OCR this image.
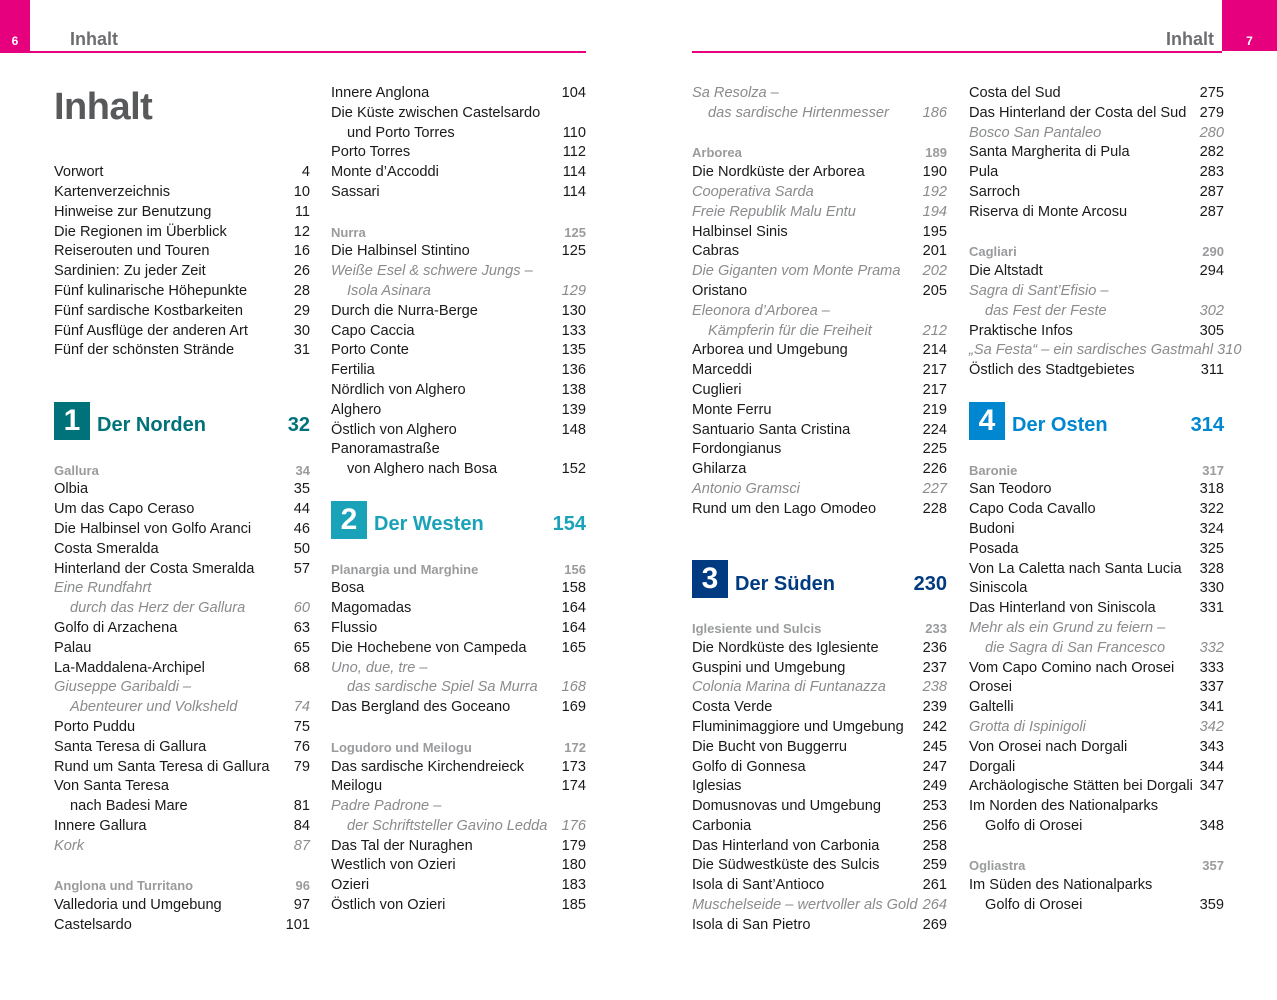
6	Inhalt	Inhalt	7
Inhalt
Vorwort	4
Kartenverzeichnis	10
Hinweise zur Benutzung	11
Die Regionen im Überblick	12
Reiserouten und Touren	16
Sardinien: Zu jeder Zeit	26
Fünf kulinarische Höhepunkte	28
Fünf sardische Kostbarkeiten	29
Fünf Ausflüge der anderen Art	30
Fünf der schönsten Strände	31
1 Der Norden	32
Gallura	34
Olbia	35
Um das Capo Ceraso	44
Die Halbinsel von Golfo Aranci	46
Costa Smeralda	50
Hinterland der Costa Smeralda	57
Eine Rundfahrt
durch das Herz der Gallura	60
Golfo di Arzachena	63
Palau	65
La-Maddalena-Archipel	68
Giuseppe Garibaldi –
Abenteurer und Volksheld	74
Porto Puddu	75
Santa Teresa di Gallura	76
Rund um Santa Teresa di Gallura 79
Von Santa Teresa
nach Badesi Mare	81
Innere Gallura	84
Kork	87
Anglona und Turritano	96
Valledoria und Umgebung	97
Castelsardo	101
Innere Anglona	104
Die Küste zwischen Castelsardo
und Porto Torres	110
Porto Torres	112
Monte d’Accoddi	114
Sassari	114
Nurra	125
Die Halbinsel Stintino	125
Weiße Esel & schwere Jungs –
Isola Asinara	129
Durch die Nurra-Berge	130
Capo Caccia	133
Porto Conte	135
Fertilia	136
Nördlich von Alghero	138
Alghero	139
Östlich von Alghero	148
Panoramastraße
von Alghero nach Bosa	152
2 Der Westen	154
Planargia und Marghine	156
Bosa	158
Magomadas	164
Flussio	164
Die Hochebene von Campeda 165
Uno, due, tre –
das sardische Spiel Sa Murra 168
Das Bergland des Goceano	169
Logudoro und Meilogu	172
Das sardische Kirchendreieck	173
Meilogu	174
Padre Padrone –
der Schriftsteller Gavino Ledda 176
Das Tal der Nuraghen	179
Westlich von Ozieri	180
Ozieri	183
Östlich von Ozieri	185
Sa Resolza –
das sardische Hirtenmesser 186
Arborea	189
Die Nordküste der Arborea	190
Cooperativa Sarda	192
Freie Republik Malu Entu	194
Halbinsel Sinis	195
Cabras	201
Die Giganten vom Monte Prama 202
Oristano	205
Eleonora d’Arborea –
Kämpferin für die Freiheit	212
Arborea und Umgebung	214
Marceddi	217
Cuglieri	217
Monte Ferru	219
Santuario Santa Cristina	224
Fordongianus	225
Ghilarza	226
Antonio Gramsci	227
Rund um den Lago Omodeo	228
3 Der Süden	230
Iglesiente und Sulcis	233
Die Nordküste des Iglesiente	236
Guspini und Umgebung	237
Colonia Marina di Funtanazza	238
Costa Verde	239
Fluminimaggiore und Umgebung 242
Die Bucht von Buggerru	245
Golfo di Gonnesa	247
Iglesias	249
Domusnovas und Umgebung	253
Carbonia	256
Das Hinterland von Carbonia	258
Die Südwestküste des Sulcis	259
Isola di Sant’Antioco	261
Muschelseide – wertvoller als Gold 264
Isola di San Pietro	269
Costa del Sud	275
Das Hinterland der Costa del Sud 279
Bosco San Pantaleo	280
Santa Margherita di Pula	282
Pula	283
Sarroch	287
Riserva di Monte Arcosu	287
Cagliari	290
Die Altstadt	294
Sagra di Sant’Efisio –
das Fest der Feste	302
Praktische Infos	305
„Sa Festa“ – ein sardisches Gastmahl 310
Östlich des Stadtgebietes	311
4 Der Osten	314
Baronie	317
San Teodoro	318
Capo Coda Cavallo	322
Budoni	324
Posada	325
Von La Caletta nach Santa Lucia 328
Siniscola	330
Das Hinterland von Siniscola	331
Mehr als ein Grund zu feiern –
die Sagra di San Francesco 332
Vom Capo Comino nach Orosei 333
Orosei	337
Galtelli	341
Grotta di Ispinigoli	342
Von Orosei nach Dorgali	343
Dorgali	344
Archäologische Stätten bei Dorgali 347
Im Norden des Nationalparks
Golfo di Orosei	348
Ogliastra	357
Im Süden des Nationalparks
Golfo di Orosei	359
